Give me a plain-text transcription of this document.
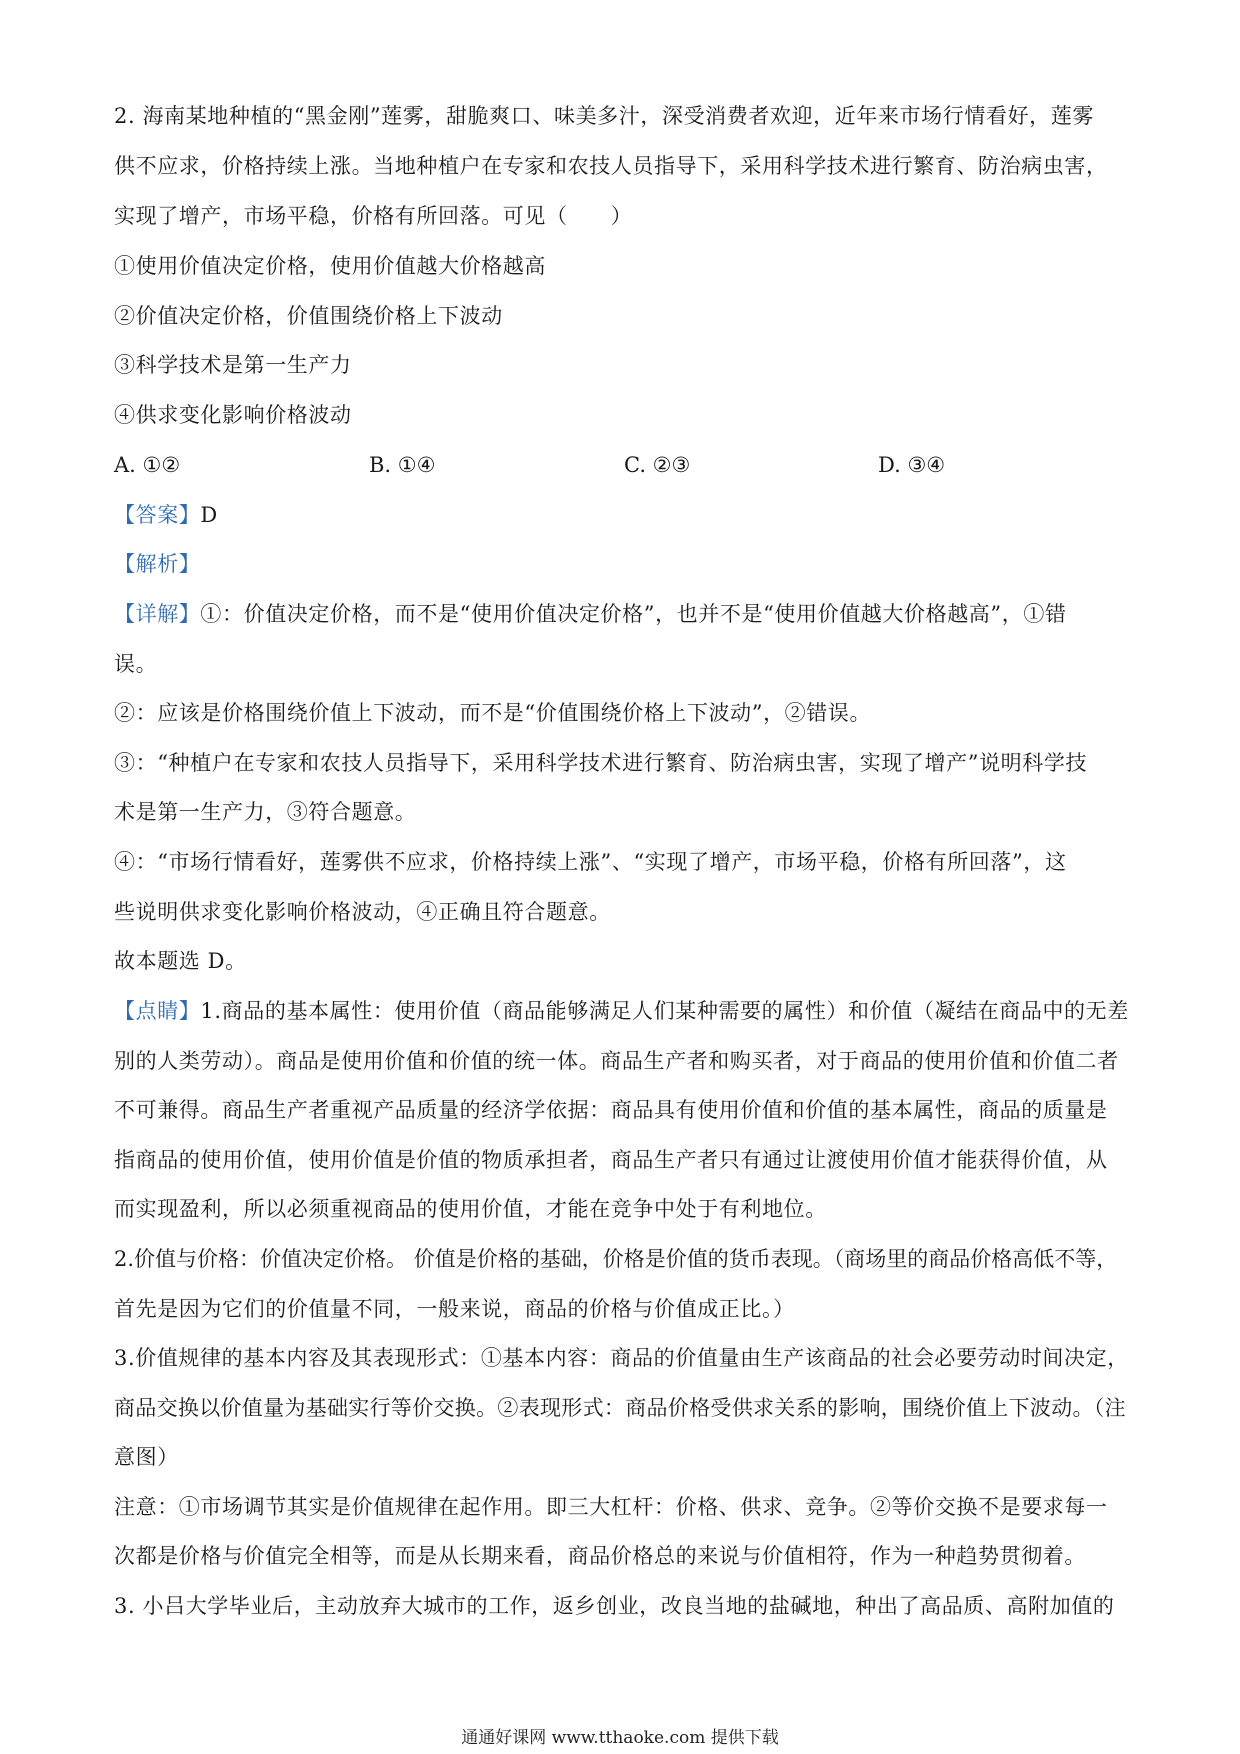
2. 海南某地种植的“黑金刚”莲雾，甜脆爽口、味美多汁，深受消费者欢迎，近年来市场行情看好，莲雾
供不应求，价格持续上涨。当地种植户在专家和农技人员指导下，采用科学技术进行繁育、防治病虫害，
实现了增产，市场平稳，价格有所回落。可见（　　）
①使用价值决定价格，使用价值越大价格越高
②价值决定价格，价值围绕价格上下波动
③科学技术是第一生产力
④供求变化影响价格波动
A. ①②	B. ①④	C. ②③	D. ③④
【答案】D
【解析】
【详解】①：价值决定价格，而不是“使用价值决定价格”，也并不是“使用价值越大价格越高”，①错
误。
②：应该是价格围绕价值上下波动，而不是“价值围绕价格上下波动”，②错误。
③：“种植户在专家和农技人员指导下，采用科学技术进行繁育、防治病虫害，实现了增产”说明科学技
术是第一生产力，③符合题意。
④：“市场行情看好，莲雾供不应求，价格持续上涨”、“实现了增产，市场平稳，价格有所回落”，这
些说明供求变化影响价格波动，④正确且符合题意。
故本题选 D。
【点睛】1.商品的基本属性：使用价值（商品能够满足人们某种需要的属性）和价值（凝结在商品中的无差
别的人类劳动）。商品是使用价值和价值的统一体。商品生产者和购买者，对于商品的使用价值和价值二者
不可兼得。商品生产者重视产品质量的经济学依据：商品具有使用价值和价值的基本属性，商品的质量是
指商品的使用价值，使用价值是价值的物质承担者，商品生产者只有通过让渡使用价值才能获得价值，从
而实现盈利，所以必须重视商品的使用价值，才能在竞争中处于有利地位。
2.价值与价格：价值决定价格。 价值是价格的基础，价格是价值的货币表现。（商场里的商品价格高低不等，
首先是因为它们的价值量不同，一般来说，商品的价格与价值成正比。）
3.价值规律的基本内容及其表现形式：①基本内容：商品的价值量由生产该商品的社会必要劳动时间决定，
商品交换以价值量为基础实行等价交换。②表现形式：商品价格受供求关系的影响，围绕价值上下波动。（注
意图）
注意：①市场调节其实是价值规律在起作用。即三大杠杆：价格、供求、竞争。②等价交换不是要求每一
次都是价格与价值完全相等，而是从长期来看，商品价格总的来说与价值相符，作为一种趋势贯彻着。
3. 小吕大学毕业后，主动放弃大城市的工作，返乡创业，改良当地的盐碱地，种出了高品质、高附加值的
通通好课网 www.tthaoke.com 提供下载
